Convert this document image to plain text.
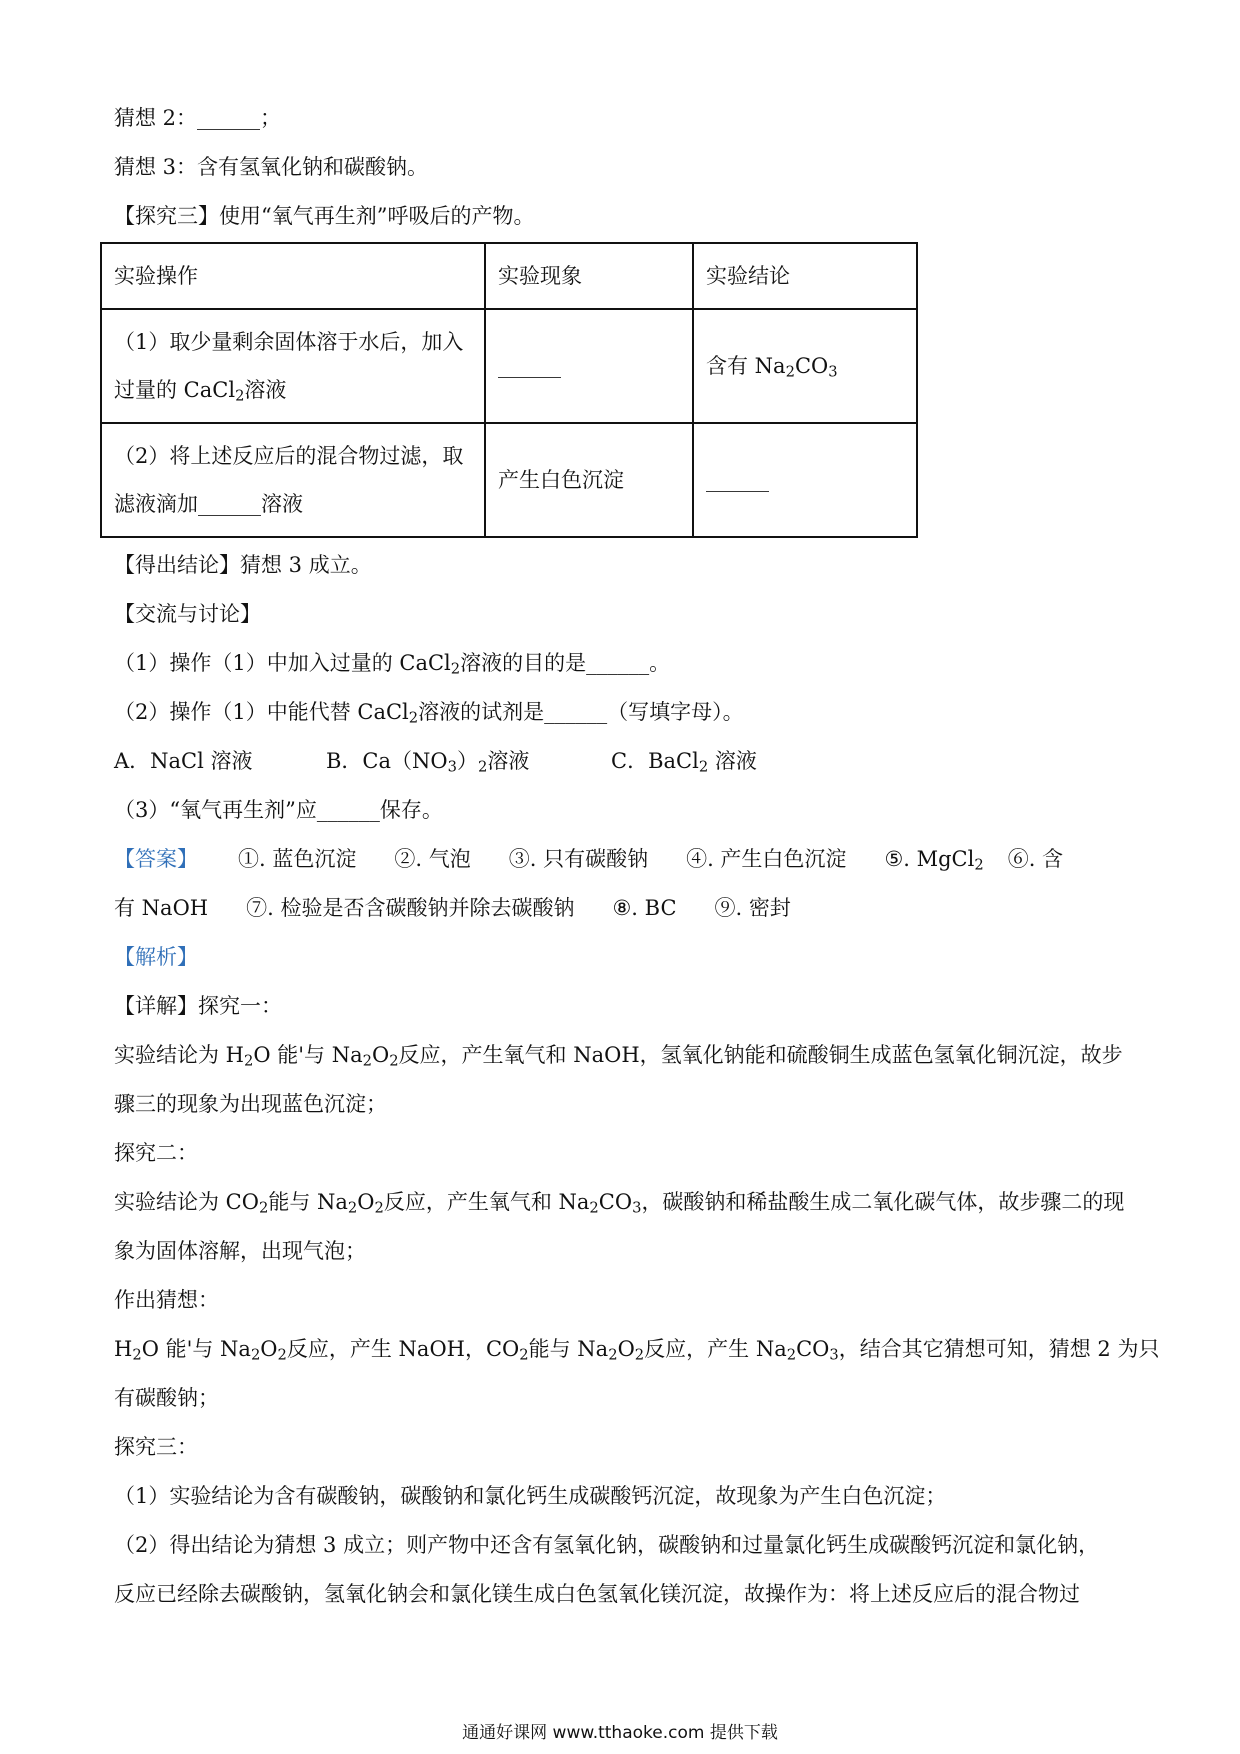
猜想 2：______；
猜想 3：含有氢氧化钠和碳酸钠。
【探究三】使用“氧气再生剂”呼吸后的产物。
实验操作	实验现象	实验结论

（1）取少量剩余固体溶于水后，加入
过量的 CaCl$_2$溶液	______	含有 $Na_2CO_3$

（2）将上述反应后的混合物过滤，取
滤液滴加______溶液	产生白色沉淀	______
【得出结论】猜想 3 成立。
【交流与讨论】
（1）操作（1）中加入过量的 CaCl$_2$溶液的目的是______。
（2）操作（1）中能代替 CaCl$_2$溶液的试剂是______（写填字母）。
A．NaCl 溶液	B．$Ca(NO_3)_2$溶液	C．BaCl$_2$ 溶液
（3）“氧气再生剂”应______保存。
【答案】 ①. 蓝色沉淀 ②. 气泡 ③. 只有碳酸钠 ④. 产生白色沉淀 ⑤. MgCl$_2$ ⑥. 含
有 NaOH ⑦. 检验是否含碳酸钠并除去碳酸钠 ⑧. BC ⑨. 密封
【解析】
【详解】探究一：
实验结论为 $H_2O$ 能'与 $Na_2O_2$反应，产生氧气和 NaOH，氢氧化钠能和硫酸铜生成蓝色氢氧化铜沉淀，故步
骤三的现象为出现蓝色沉淀；
探究二：
实验结论为 $CO_2$能与 $Na_2O_2$反应，产生氧气和 $Na_2CO_3$，碳酸钠和稀盐酸生成二氧化碳气体，故步骤二的现
象为固体溶解，出现气泡；
作出猜想：
$H_2O$ 能'与 $Na_2O_2$反应，产生 NaOH，$CO_2$能与 $Na_2O_2$反应，产生 $Na_2CO_3$，结合其它猜想可知，猜想 2 为只
有碳酸钠；
探究三：
（1）实验结论为含有碳酸钠，碳酸钠和氯化钙生成碳酸钙沉淀，故现象为产生白色沉淀；
（2）得出结论为猜想 3 成立；则产物中还含有氢氧化钠，碳酸钠和过量氯化钙生成碳酸钙沉淀和氯化钠，
反应已经除去碳酸钠，氢氧化钠会和氯化镁生成白色氢氧化镁沉淀，故操作为：将上述反应后的混合物过
通通好课网 www.tthaoke.com 提供下载
